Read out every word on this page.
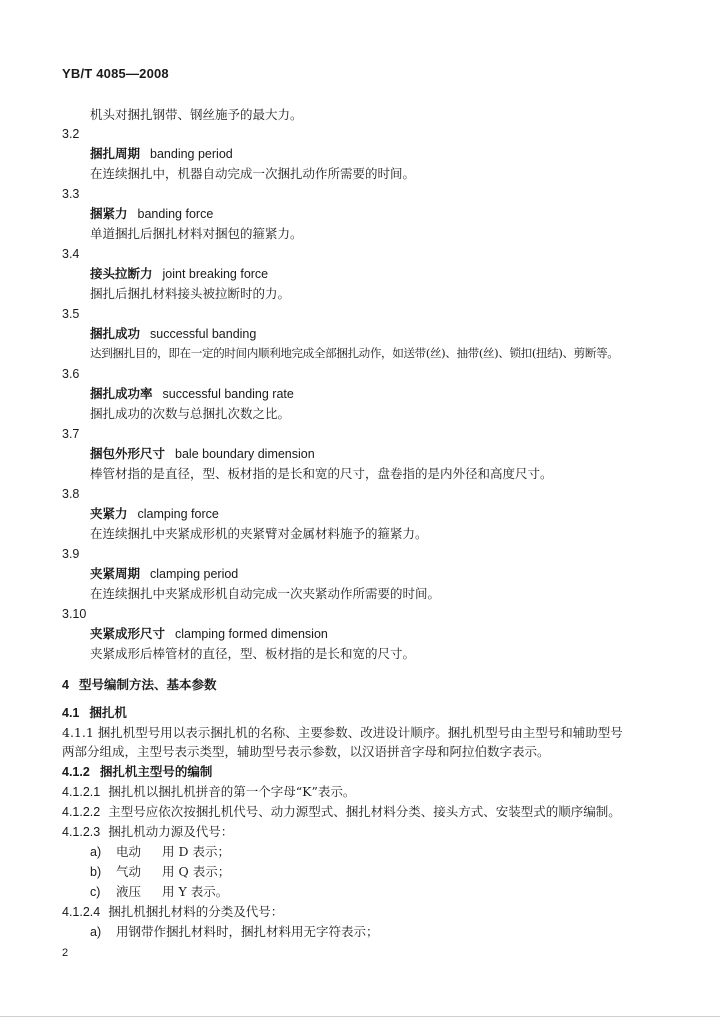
YB/T 4085—2008
机头对捆扎钢带、钢丝施予的最大力。
3.2
捆扎周期 banding period
在连续捆扎中，机器自动完成一次捆扎动作所需要的时间。
3.3
捆紧力 banding force
单道捆扎后捆扎材料对捆包的箍紧力。
3.4
接头拉断力 joint breaking force
捆扎后捆扎材料接头被拉断时的力。
3.5
捆扎成功 successful banding
达到捆扎目的，即在一定的时间内顺利地完成全部捆扎动作，如送带(丝)、抽带(丝)、锁扣(扭结)、剪断等。
3.6
捆扎成功率 successful banding rate
捆扎成功的次数与总捆扎次数之比。
3.7
捆包外形尺寸 bale boundary dimension
棒管材指的是直径，型、板材指的是长和宽的尺寸，盘卷指的是内外径和高度尺寸。
3.8
夹紧力 clamping force
在连续捆扎中夹紧成形机的夹紧臂对金属材料施予的箍紧力。
3.9
夹紧周期 clamping period
在连续捆扎中夹紧成形机自动完成一次夹紧动作所需要的时间。
3.10
夹紧成形尺寸 clamping formed dimension
夹紧成形后棒管材的直径，型、板材指的是长和宽的尺寸。
4 型号编制方法、基本参数
4.1 捆扎机
4.1.1 捆扎机型号用以表示捆扎机的名称、主要参数、改进设计顺序。捆扎机型号由主型号和辅助型号
两部分组成，主型号表示类型，辅助型号表示参数，以汉语拼音字母和阿拉伯数字表示。
4.1.2 捆扎机主型号的编制
4.1.2.1 捆扎机以捆扎机拼音的第一个字母“K”表示。
4.1.2.2 主型号应依次按捆扎机代号、动力源型式、捆扎材料分类、接头方式、安装型式的顺序编制。
4.1.2.3 捆扎机动力源及代号：
a) 电动 用 D 表示；
b) 气动 用 Q 表示；
c) 液压 用 Y 表示。
4.1.2.4 捆扎机捆扎材料的分类及代号：
a) 用钢带作捆扎材料时，捆扎材料用无字符表示；
2
